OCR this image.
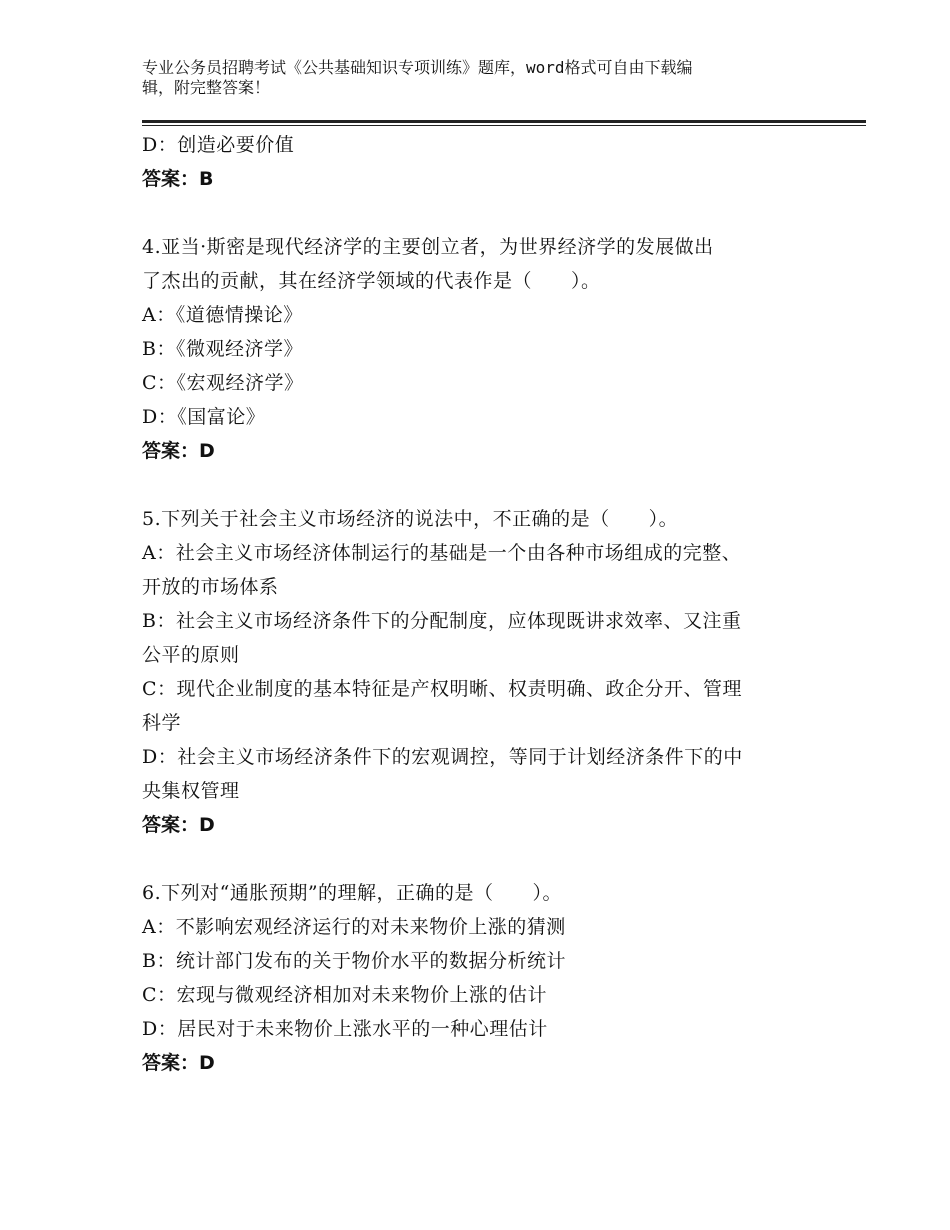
专业公务员招聘考试《公共基础知识专项训练》题库，word格式可自由下载编
辑，附完整答案！
D：创造必要价值
答案：B
4.亚当·斯密是现代经济学的主要创立者，为世界经济学的发展做出
了杰出的贡献，其在经济学领域的代表作是（　　）。
A：《道德情操论》
B：《微观经济学》
C：《宏观经济学》
D：《国富论》
答案：D
5.下列关于社会主义市场经济的说法中，不正确的是（　　）。
A：社会主义市场经济体制运行的基础是一个由各种市场组成的完整、
开放的市场体系
B：社会主义市场经济条件下的分配制度，应体现既讲求效率、又注重
公平的原则
C：现代企业制度的基本特征是产权明晰、权责明确、政企分开、管理
科学
D：社会主义市场经济条件下的宏观调控，等同于计划经济条件下的中
央集权管理
答案：D
6.下列对“通胀预期”的理解，正确的是（　　）。
A：不影响宏观经济运行的对未来物价上涨的猜测
B：统计部门发布的关于物价水平的数据分析统计
C：宏现与微观经济相加对未来物价上涨的估计
D：居民对于未来物价上涨水平的一种心理估计
答案：D
